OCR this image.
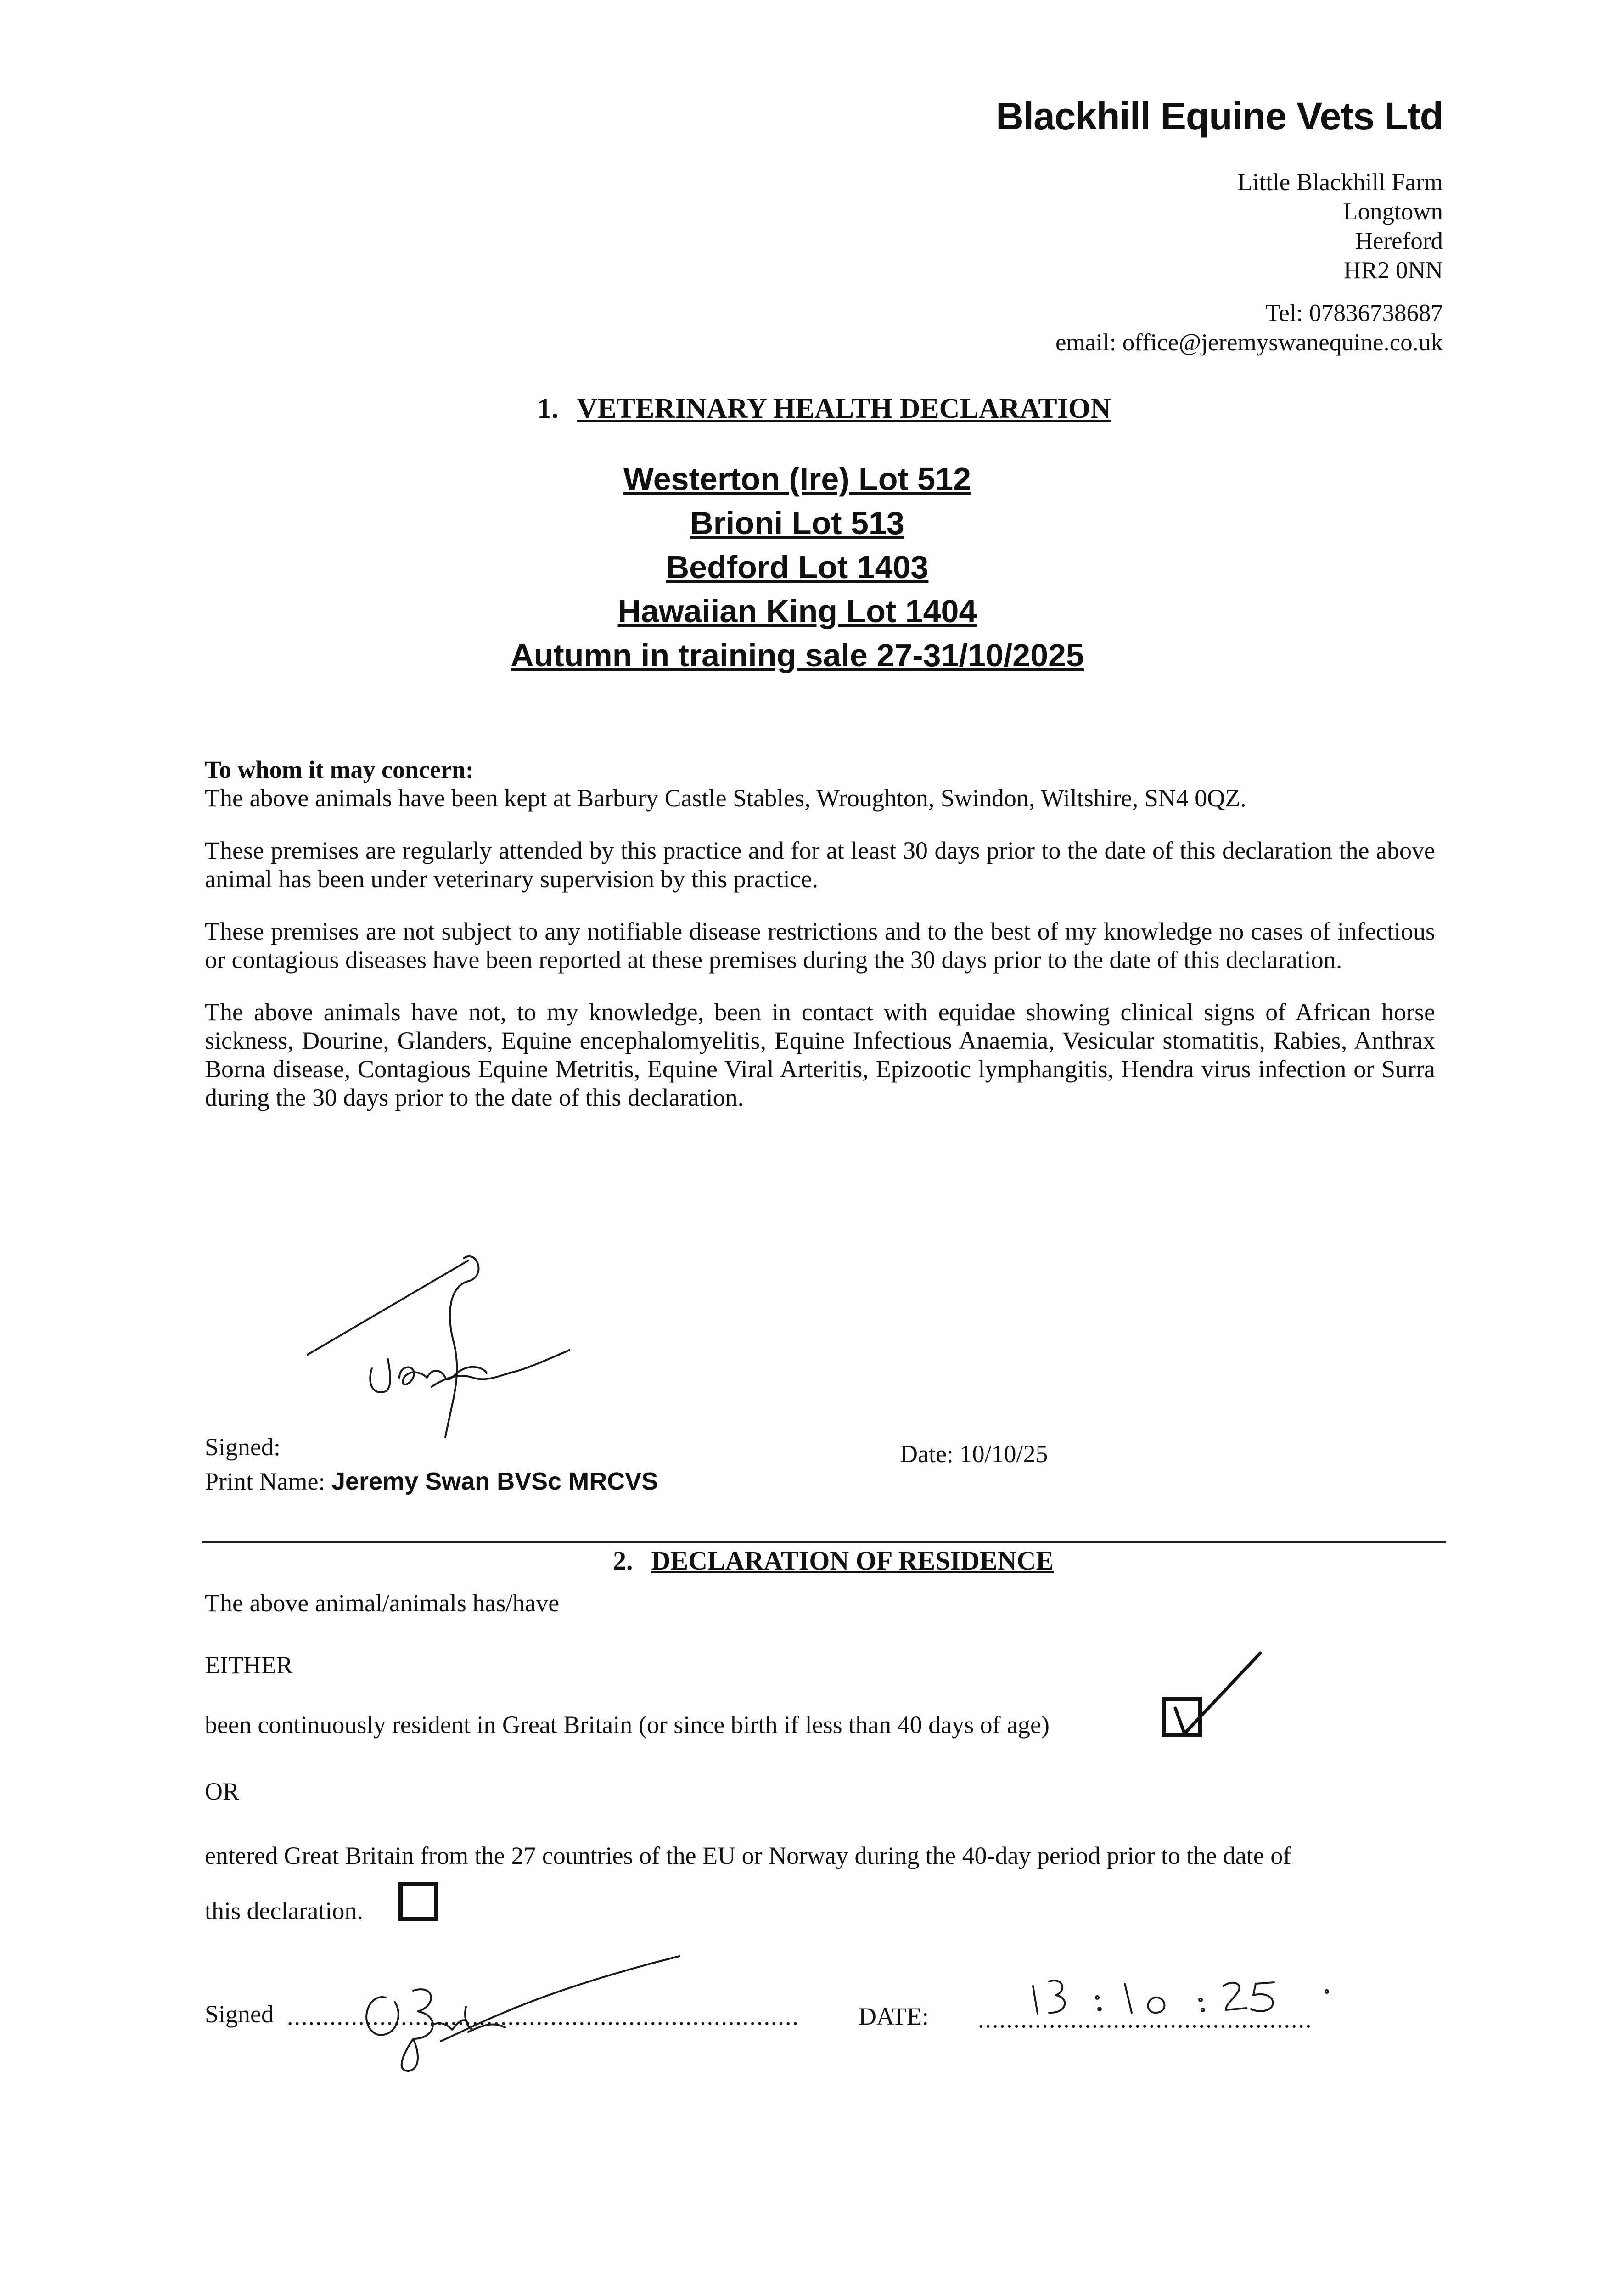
Blackhill Equine Vets Ltd
Little Blackhill Farm
Longtown
Hereford
HR2 0NN
Tel: 07836738687
email: office@jeremyswanequine.co.uk
1. VETERINARY HEALTH DECLARATION
Westerton (Ire) Lot 512
Brioni Lot 513
Bedford Lot 1403
Hawaiian King Lot 1404
Autumn in training sale 27-31/10/2025

To whom it may concern:
The above animals have been kept at Barbury Castle Stables, Wroughton, Swindon, Wiltshire, SN4 0QZ.

These premises are regularly attended by this practice and for at least 30 days prior to the date of this declaration the above animal has been under veterinary supervision by this practice.

These premises are not subject to any notifiable disease restrictions and to the best of my knowledge no cases of infectious or contagious diseases have been reported at these premises during the 30 days prior to the date of this declaration.

The above animals have not, to my knowledge, been in contact with equidae showing clinical signs of African horse sickness, Dourine, Glanders, Equine encephalomyelitis, Equine Infectious Anaemia, Vesicular stomatitis, Rabies, Anthrax Borna disease, Contagious Equine Metritis, Equine Viral Arteritis, Epizootic lymphangitis, Hendra virus infection or Surra during the 30 days prior to the date of this declaration.

Signed:
Print Name: Jeremy Swan BVSc MRCVS
Date: 10/10/25
2. DECLARATION OF RESIDENCE
The above animal/animals has/have
EITHER
been continuously resident in Great Britain (or since birth if less than 40 days of age)
OR
entered Great Britain from the 27 countries of the EU or Norway during the 40-day period prior to the date of
this declaration.
Signed ........................................................................ DATE: ...............................................
